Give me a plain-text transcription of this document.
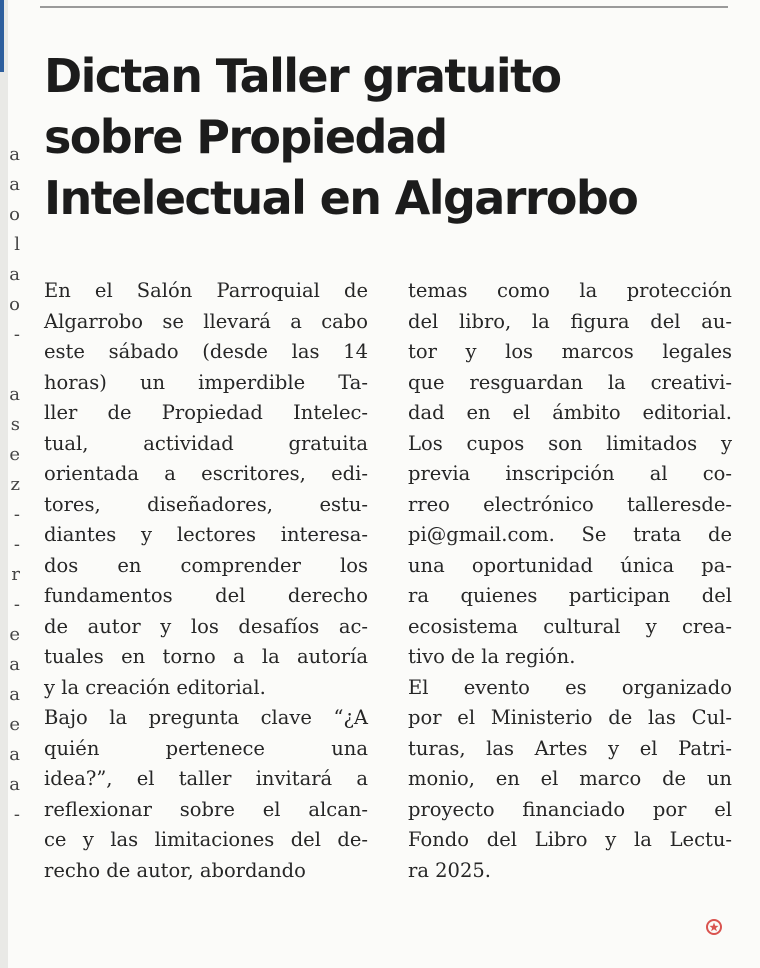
a
a
o
l
a
o
-
a
s
e
z
-
-
r
-
e
a
a
e
a
a
-
Dictan Taller gratuito
sobre Propiedad
Intelectual en Algarrobo
En el Salón Parroquial de
Algarrobo se llevará a cabo
este sábado (desde las 14
horas) un imperdible Ta-
ller de Propiedad Intelec-
tual, actividad gratuita
orientada a escritores, edi-
tores, diseñadores, estu-
diantes y lectores interesa-
dos en comprender los
fundamentos del derecho
de autor y los desafíos ac-
tuales en torno a la autoría
y la creación editorial.
Bajo la pregunta clave “¿A
quién pertenece una
idea?”, el taller invitará a
reflexionar sobre el alcan-
ce y las limitaciones del de-
recho de autor, abordando
temas como la protección
del libro, la figura del au-
tor y los marcos legales
que resguardan la creativi-
dad en el ámbito editorial.
Los cupos son limitados y
previa inscripción al co-
rreo electrónico talleresde-
pi@gmail.com. Se trata de
una oportunidad única pa-
ra quienes participan del
ecosistema cultural y crea-
tivo de la región.
El evento es organizado
por el Ministerio de las Cul-
turas, las Artes y el Patri-
monio, en el marco de un
proyecto financiado por el
Fondo del Libro y la Lectu-
ra 2025.
